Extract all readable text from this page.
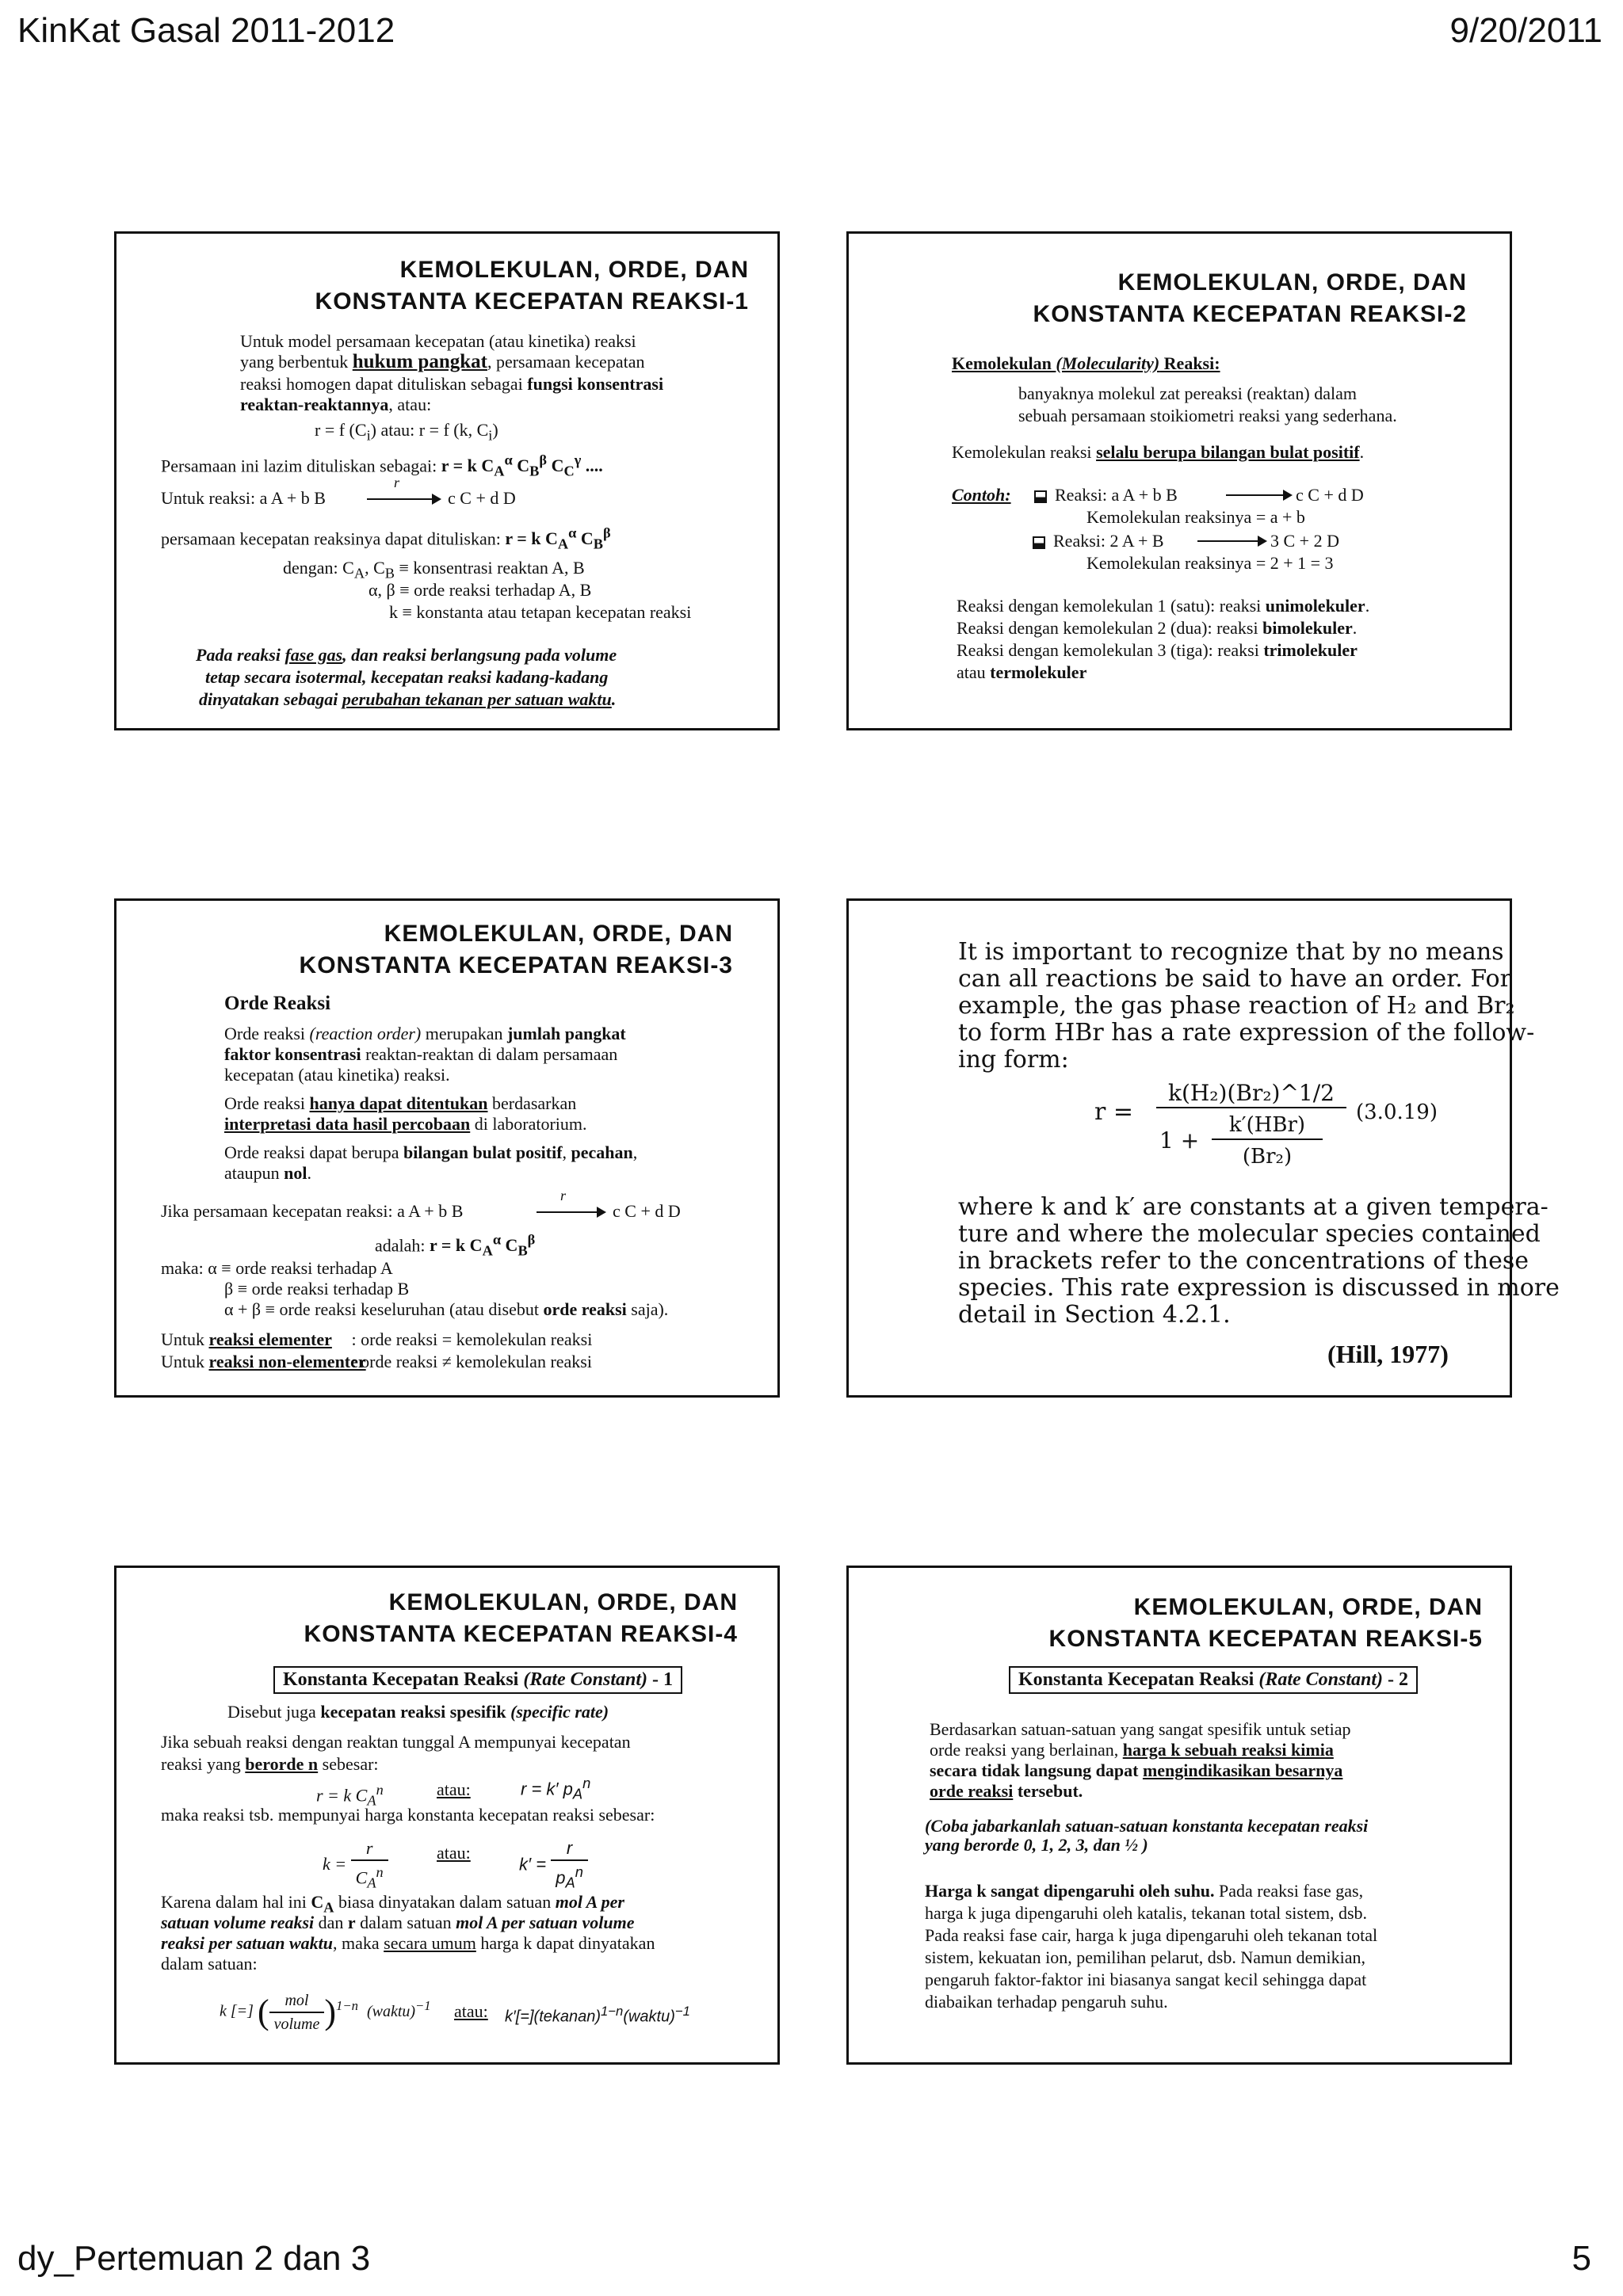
KinKat Gasal 2011-2012	9/20/2011
dy_Pertemuan 2 dan 3	5
KEMOLEKULAN, ORDE, DAN
KONSTANTA KECEPATAN REAKSI-1
Untuk model persamaan kecepatan (atau kinetika) reaksi
yang berbentuk hukum pangkat, persamaan kecepatan
reaksi homogen dapat dituliskan sebagai fungsi konsentrasi
reaktan-reaktannya, atau:
r = f $(C_i)$ atau: r = f (k, $C_i$)
Persamaan ini lazim dituliskan sebagai: r = k $C_A^\alpha$ $C_B^\beta$ $C_C^\gamma$ ....
Untuk reaksi: a A + b B
r
c C + d D
persamaan kecepatan reaksinya dapat dituliskan: r = k $C_A^\alpha$ $C_B^\beta$
dengan: $C_A$, $C_B$ ≡ konsentrasi reaktan A, B
α, β ≡ orde reaksi terhadap A, B
k ≡ konstanta atau tetapan kecepatan reaksi
Pada reaksi fase gas, dan reaksi berlangsung pada volume
tetap secara isotermal, kecepatan reaksi kadang-kadang
dinyatakan sebagai perubahan tekanan per satuan waktu.
KEMOLEKULAN, ORDE, DAN
KONSTANTA KECEPATAN REAKSI-2
Kemolekulan (Molecularity) Reaksi:
banyaknya molekul zat pereaksi (reaktan) dalam
sebuah persamaan stoikiometri reaksi yang sederhana.
Kemolekulan reaksi selalu berupa bilangan bulat positif.
Contoh:	Reaksi: a A + b B	c C + d D
Kemolekulan reaksinya = a + b
Reaksi: 2 A + B	3 C + 2 D
Kemolekulan reaksinya = 2 + 1 = 3
Reaksi dengan kemolekulan 1 (satu): reaksi unimolekuler.
Reaksi dengan kemolekulan 2 (dua): reaksi bimolekuler.
Reaksi dengan kemolekulan 3 (tiga): reaksi trimolekuler
atau termolekuler
KEMOLEKULAN, ORDE, DAN
KONSTANTA KECEPATAN REAKSI-3
Orde Reaksi
Orde reaksi (reaction order) merupakan jumlah pangkat
faktor konsentrasi reaktan-reaktan di dalam persamaan
kecepatan (atau kinetika) reaksi.
Orde reaksi hanya dapat ditentukan berdasarkan
interpretasi data hasil percobaan di laboratorium.
Orde reaksi dapat berupa bilangan bulat positif, pecahan,
ataupun nol.
Jika persamaan kecepatan reaksi: a A + b B
r
c C + d D
adalah: r = k $C_A^\alpha$ $C_B^\beta$
maka: α ≡ orde reaksi terhadap A
β ≡ orde reaksi terhadap B
α + β ≡ orde reaksi keseluruhan (atau disebut orde reaksi saja).
Untuk reaksi elementer : orde reaksi = kemolekulan reaksi
Untuk reaksi non-elementer: orde reaksi ≠ kemolekulan reaksi
It is important to recognize that by no means
can all reactions be said to have an order. For
example, the gas phase reaction of H₂ and Br₂
to form HBr has a rate expression of the follow-
ing form:
r =
k(H₂)(Br₂)^1/2
1 +
k′(HBr)
(Br₂)
(3.0.19)
where k and k′ are constants at a given tempera-
ture and where the molecular species contained
in brackets refer to the concentrations of these
species. This rate expression is discussed in more
detail in Section 4.2.1.
(Hill, 1977)
KEMOLEKULAN, ORDE, DAN
KONSTANTA KECEPATAN REAKSI-4
Konstanta Kecepatan Reaksi (Rate Constant) - 1
Disebut juga kecepatan reaksi spesifik (specific rate)
Jika sebuah reaksi dengan reaktan tunggal A mempunyai kecepatan
reaksi yang berorde n sebesar:
r = k $C_A^n$	atau:	r = k′ $p_A^n$
maka reaksi tsb. mempunyai harga konstanta kecepatan reaksi sebesar:
$k = \frac{r}{C_A^n}$	atau:
$k' = \frac{r}{p_A^n}$
Karena dalam hal ini $C_A$ biasa dinyatakan dalam satuan mol A per
satuan volume reaksi dan r dalam satuan mol A per satuan volume
reaksi per satuan waktu, maka secara umum harga k dapat dinyatakan
dalam satuan:
k [=] ( $\frac{\text{mol}}{\text{volume}} )^{1-n}$ (waktu)$^{-1}$ atau: k′[=](tekanan)$^{1-n}$(waktu)$^{-1}$
KEMOLEKULAN, ORDE, DAN
KONSTANTA KECEPATAN REAKSI-5
Konstanta Kecepatan Reaksi (Rate Constant) - 2
Berdasarkan satuan-satuan yang sangat spesifik untuk setiap
orde reaksi yang berlainan, harga k sebuah reaksi kimia
secara tidak langsung dapat mengindikasikan besarnya
orde reaksi tersebut.
(Coba jabarkanlah satuan-satuan konstanta kecepatan reaksi
yang berorde 0, 1, 2, 3, dan ½ )
Harga k sangat dipengaruhi oleh suhu. Pada reaksi fase gas,
harga k juga dipengaruhi oleh katalis, tekanan total sistem, dsb.
Pada reaksi fase cair, harga k juga dipengaruhi oleh tekanan total
sistem, kekuatan ion, pemilihan pelarut, dsb. Namun demikian,
pengaruh faktor-faktor ini biasanya sangat kecil sehingga dapat
diabaikan terhadap pengaruh suhu.
